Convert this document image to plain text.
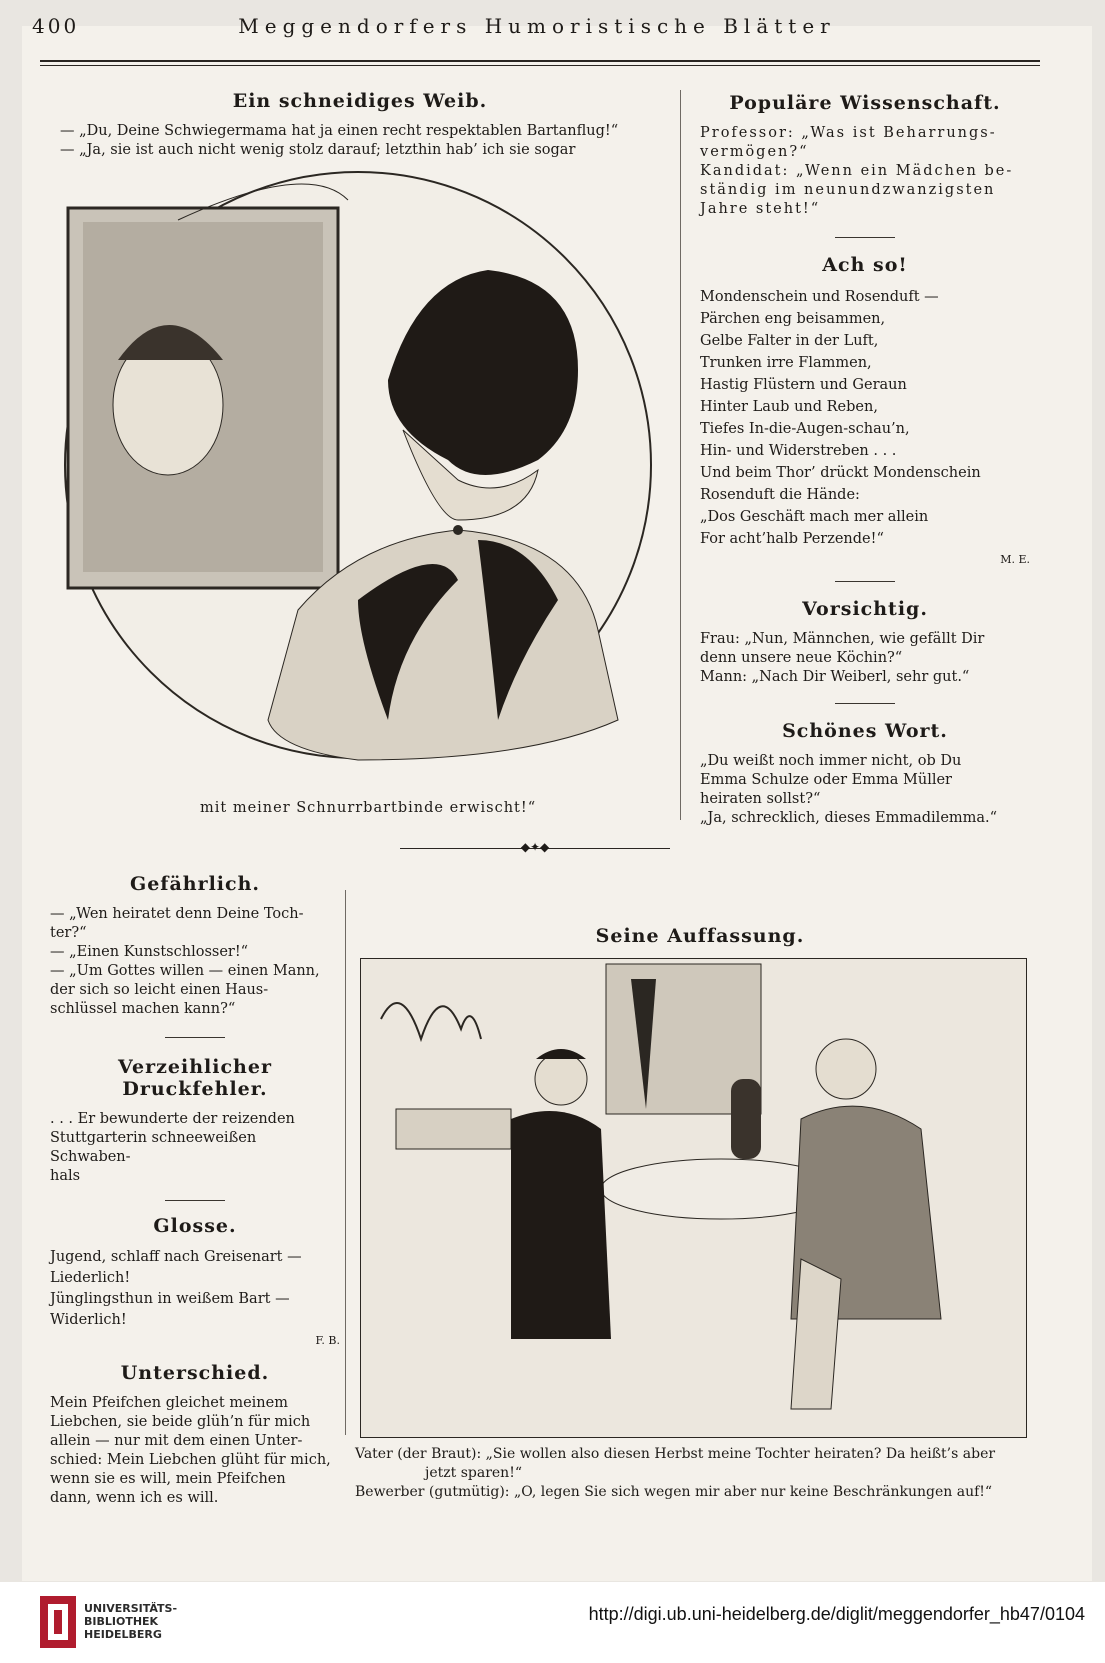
400	Meggendorfers Humoristische Blätter
Ein schneidiges Weib.
— „Du, Deine Schwiegermama hat ja einen recht respektablen Bartanflug!“
— „Ja, sie ist auch nicht wenig stolz darauf; letzthin hab’ ich sie sogar
mit meiner Schnurrbartbinde erwischt!“
Populäre Wissenschaft.
Professor: „Was ist Beharrungs-
vermögen?“
Kandidat: „Wenn ein Mädchen be-
ständig im neunundzwanzigsten
Jahre steht!“
Ach so!
Mondenschein und Rosenduft —
Pärchen eng beisammen,
Gelbe Falter in der Luft,
Trunken irre Flammen,
Hastig Flüstern und Geraun
Hinter Laub und Reben,
Tiefes In-die-Augen-schau’n,
Hin- und Widerstreben . . .
Und beim Thor’ drückt Mondenschein
Rosenduft die Hände:
„Dos Geschäft mach mer allein
For acht’halb Perzende!“
M. E.
Vorsichtig.
Frau: „Nun, Männchen, wie gefällt Dir
denn unsere neue Köchin?“
Mann: „Nach Dir Weiberl, sehr gut.“
Schönes Wort.
„Du weißt noch immer nicht, ob Du
Emma Schulze oder Emma Müller
heiraten sollst?“
„Ja, schrecklich, dieses Emmadilemma.“
◆✦◆
Gefährlich.
— „Wen heiratet denn Deine Toch-
ter?“
— „Einen Kunstschlosser!“
— „Um Gottes willen — einen Mann,
der sich so leicht einen Haus-
schlüssel machen kann?“
Verzeihlicher Druckfehler.
. . . Er bewunderte der reizenden
Stuttgarterin schneeweißen Schwaben-
hals
Glosse.
Jugend, schlaff nach Greisenart —
Liederlich!
Jünglingsthun in weißem Bart —
Widerlich!
F. B.
Unterschied.
Mein Pfeifchen gleichet meinem
Liebchen, sie beide glüh’n für mich
allein — nur mit dem einen Unter-
schied: Mein Liebchen glüht für mich,
wenn sie es will, mein Pfeifchen
dann, wenn ich es will.
Seine Auffassung.
Vater (der Braut): „Sie wollen also diesen Herbst meine Tochter heiraten? Da heißt’s aber
jetzt sparen!“
Bewerber (gutmütig): „O, legen Sie sich wegen mir aber nur keine Beschränkungen auf!“
UNIVERSITÄTS-
BIBLIOTHEK
HEIDELBERG
http://digi.ub.uni-heidelberg.de/diglit/meggendorfer_hb47/0104
